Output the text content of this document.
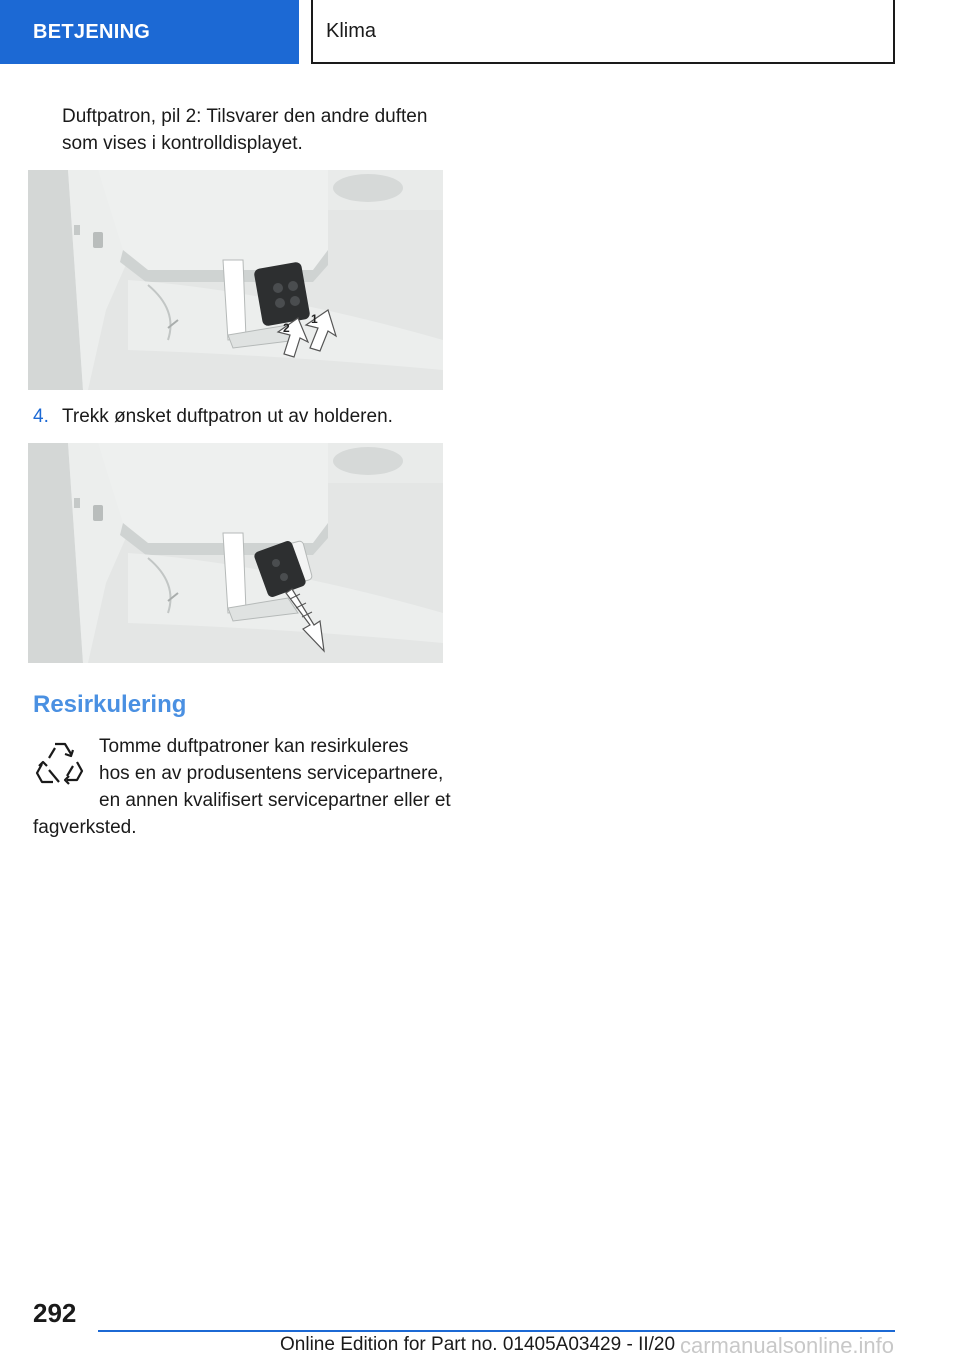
BETJENING	Klima
Duftpatron, pil 2: Tilsvarer den andre duften
som vises i kontrolldisplayet.
1
2
4. Trekk ønsket duftpatron ut av holderen.
Resirkulering
Tomme duftpatroner kan resirkuleres
hos en av produsentens servicepartnere,
en annen kvalifisert servicepartner eller et
fagverksted.
292
Online Edition for Part no. 01405A03429 - II/20 carmanualsonline.info
